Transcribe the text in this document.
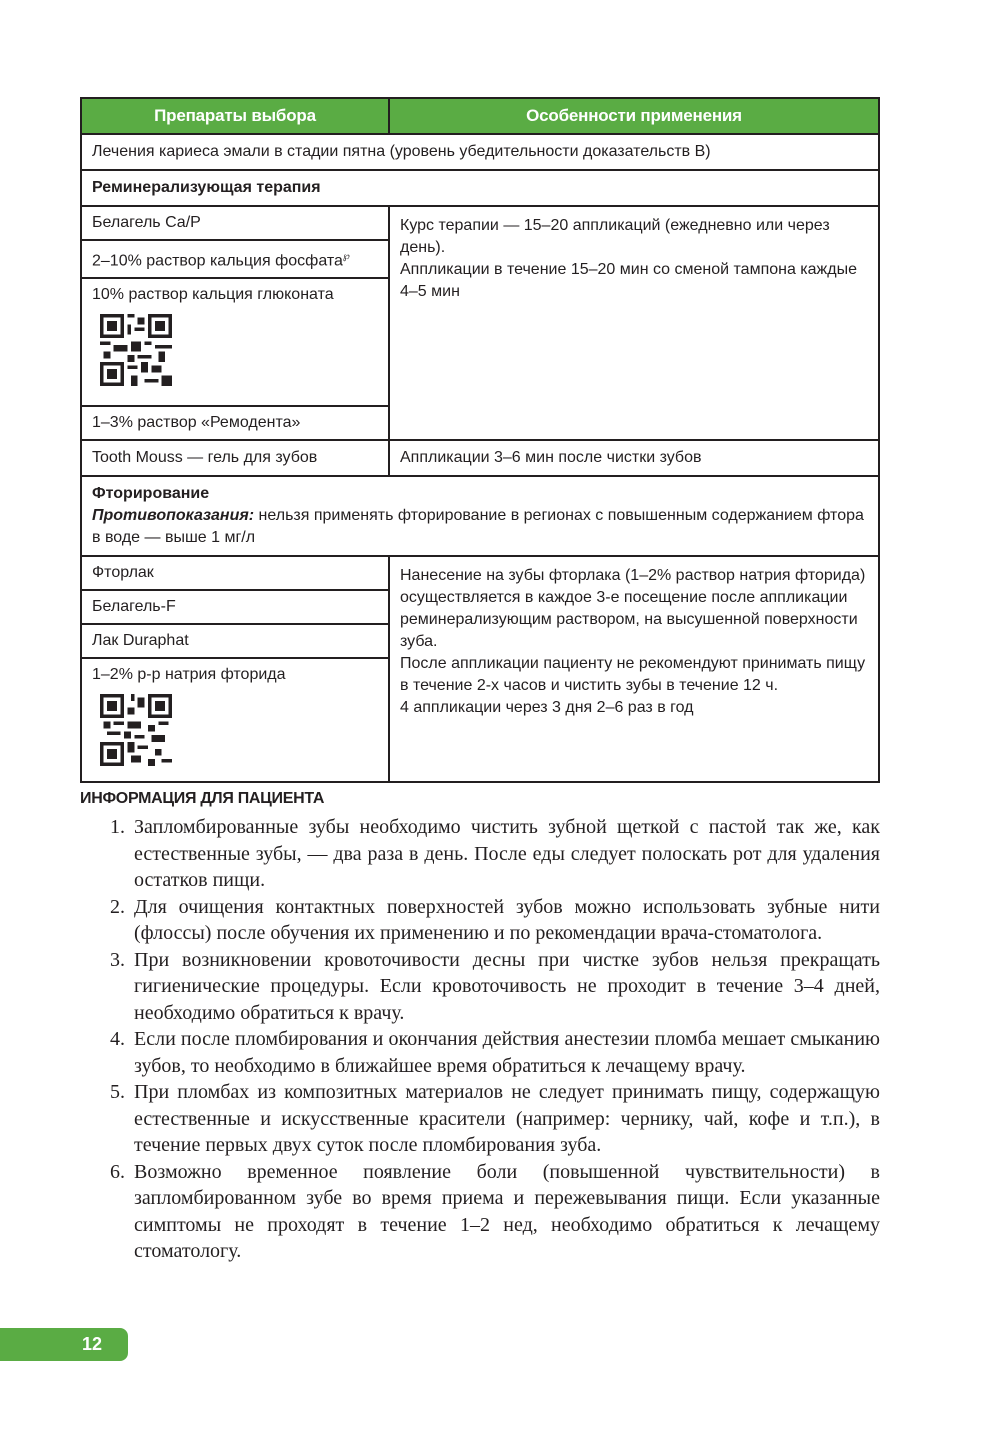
Препараты выбора	Особенности применения
Лечения кариеса эмали в стадии пятна (уровень убедительности доказательств В)
Реминерализующая терапия
Белагель Са/Р
2–10% раствор кальция фосфата℘
10% раствор кальция глюконата
1–3% раствор «Ремодента»
Курс терапии — 15–20 аппликаций (ежедневно или через день).
Аппликации в течение 15–20 мин со сменой тампона каждые 4–5 мин
Tooth Mouss — гель для зубов	Аппликации 3–6 мин после чистки зубов
Фторирование
Противопоказания: нельзя применять фторирование в регионах с повышенным содержанием фтора в воде — выше 1 мг/л
Фторлак
Белагель-F
Лак Duraphat
1–2% р-р натрия фторида
Нанесение на зубы фторлака (1–2% раствор натрия фторида) осуществляется в каждое 3-е посещение после аппликации реминерализующим раствором, на высушенной поверхности зуба.
После аппликации пациенту не рекомендуют принимать пищу в течение 2-х часов и чистить зубы в течение 12 ч.
4 аппликации через 3 дня 2–6 раз в год
ИНФОРМАЦИЯ ДЛЯ ПАЦИЕНТА
1. Запломбированные зубы необходимо чистить зубной щеткой с пастой так же, как естественные зубы, — два раза в день. После еды следует полоскать рот для удаления остатков пищи.
2. Для очищения контактных поверхностей зубов можно использовать зубные нити (флоссы) после обучения их применению и по рекомендации врача-стоматолога.
3. При возникновении кровоточивости десны при чистке зубов нельзя прекращать гигиенические процедуры. Если кровоточивость не проходит в течение 3–4 дней, необходимо обратиться к врачу.
4. Если после пломбирования и окончания действия анестезии пломба мешает смыканию зубов, то необходимо в ближайшее время обратиться к лечащему врачу.
5. При пломбах из композитных материалов не следует принимать пищу, содержащую естественные и искусственные красители (например: чернику, чай, кофе и т.п.), в течение первых двух суток после пломбирования зуба.
6. Возможно временное появление боли (повышенной чувствительности) в запломбированном зубе во время приема и пережевывания пищи. Если указанные симптомы не проходят в течение 1–2 нед, необходимо обратиться к лечащему стоматологу.
12
